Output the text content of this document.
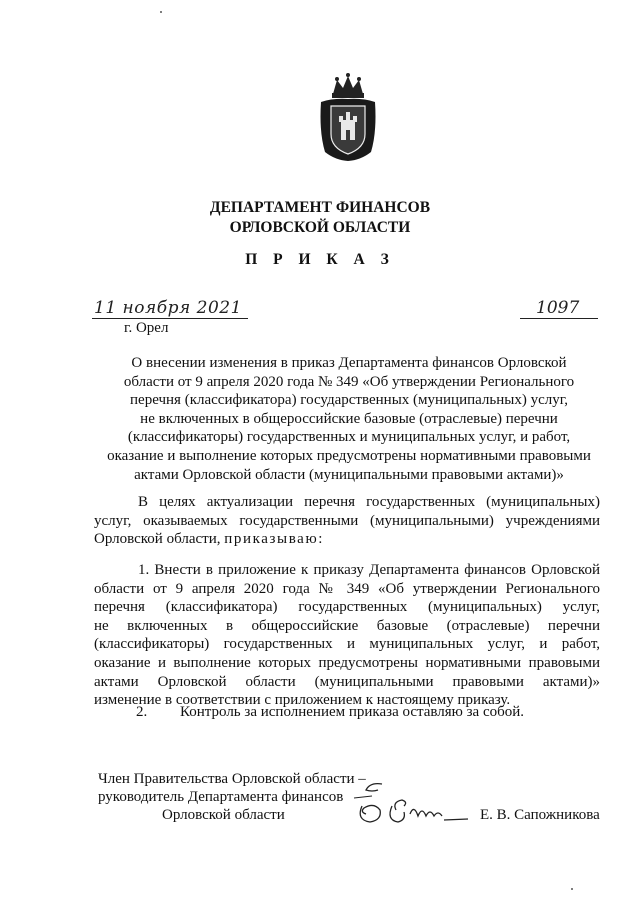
ДЕПАРТАМЕНТ ФИНАНСОВ
ОРЛОВСКОЙ ОБЛАСТИ
П Р И К А З
11 ноября 2021	1097
г. Орел
О внесении изменения в приказ Департамента финансов Орловской
области от 9 апреля 2020 года № 349 «Об утверждении Регионального
перечня (классификатора) государственных (муниципальных) услуг,
не включенных в общероссийские базовые (отраслевые) перечни
(классификаторы) государственных и муниципальных услуг, и работ,
оказание и выполнение которых предусмотрены нормативными правовыми
актами Орловской области (муниципальными правовыми актами)»
В целях актуализации перечня государственных (муниципальных)
услуг, оказываемых государственными (муниципальными) учреждениями
Орловской области, приказываю:
1. Внести в приложение к приказу Департамента финансов Орловской
области от 9 апреля 2020 года № 349 «Об утверждении Регионального
перечня (классификатора) государственных (муниципальных) услуг,
не включенных в общероссийские базовые (отраслевые) перечни
(классификаторы) государственных и муниципальных услуг, и работ,
оказание и выполнение которых предусмотрены нормативными правовыми
актами Орловской области (муниципальными правовыми актами)»
изменение в соответствии с приложением к настоящему приказу.
2. Контроль за исполнением приказа оставляю за собой.
Член Правительства Орловской области –
руководитель Департамента финансов
Орловской области	Е. В. Сапожникова
